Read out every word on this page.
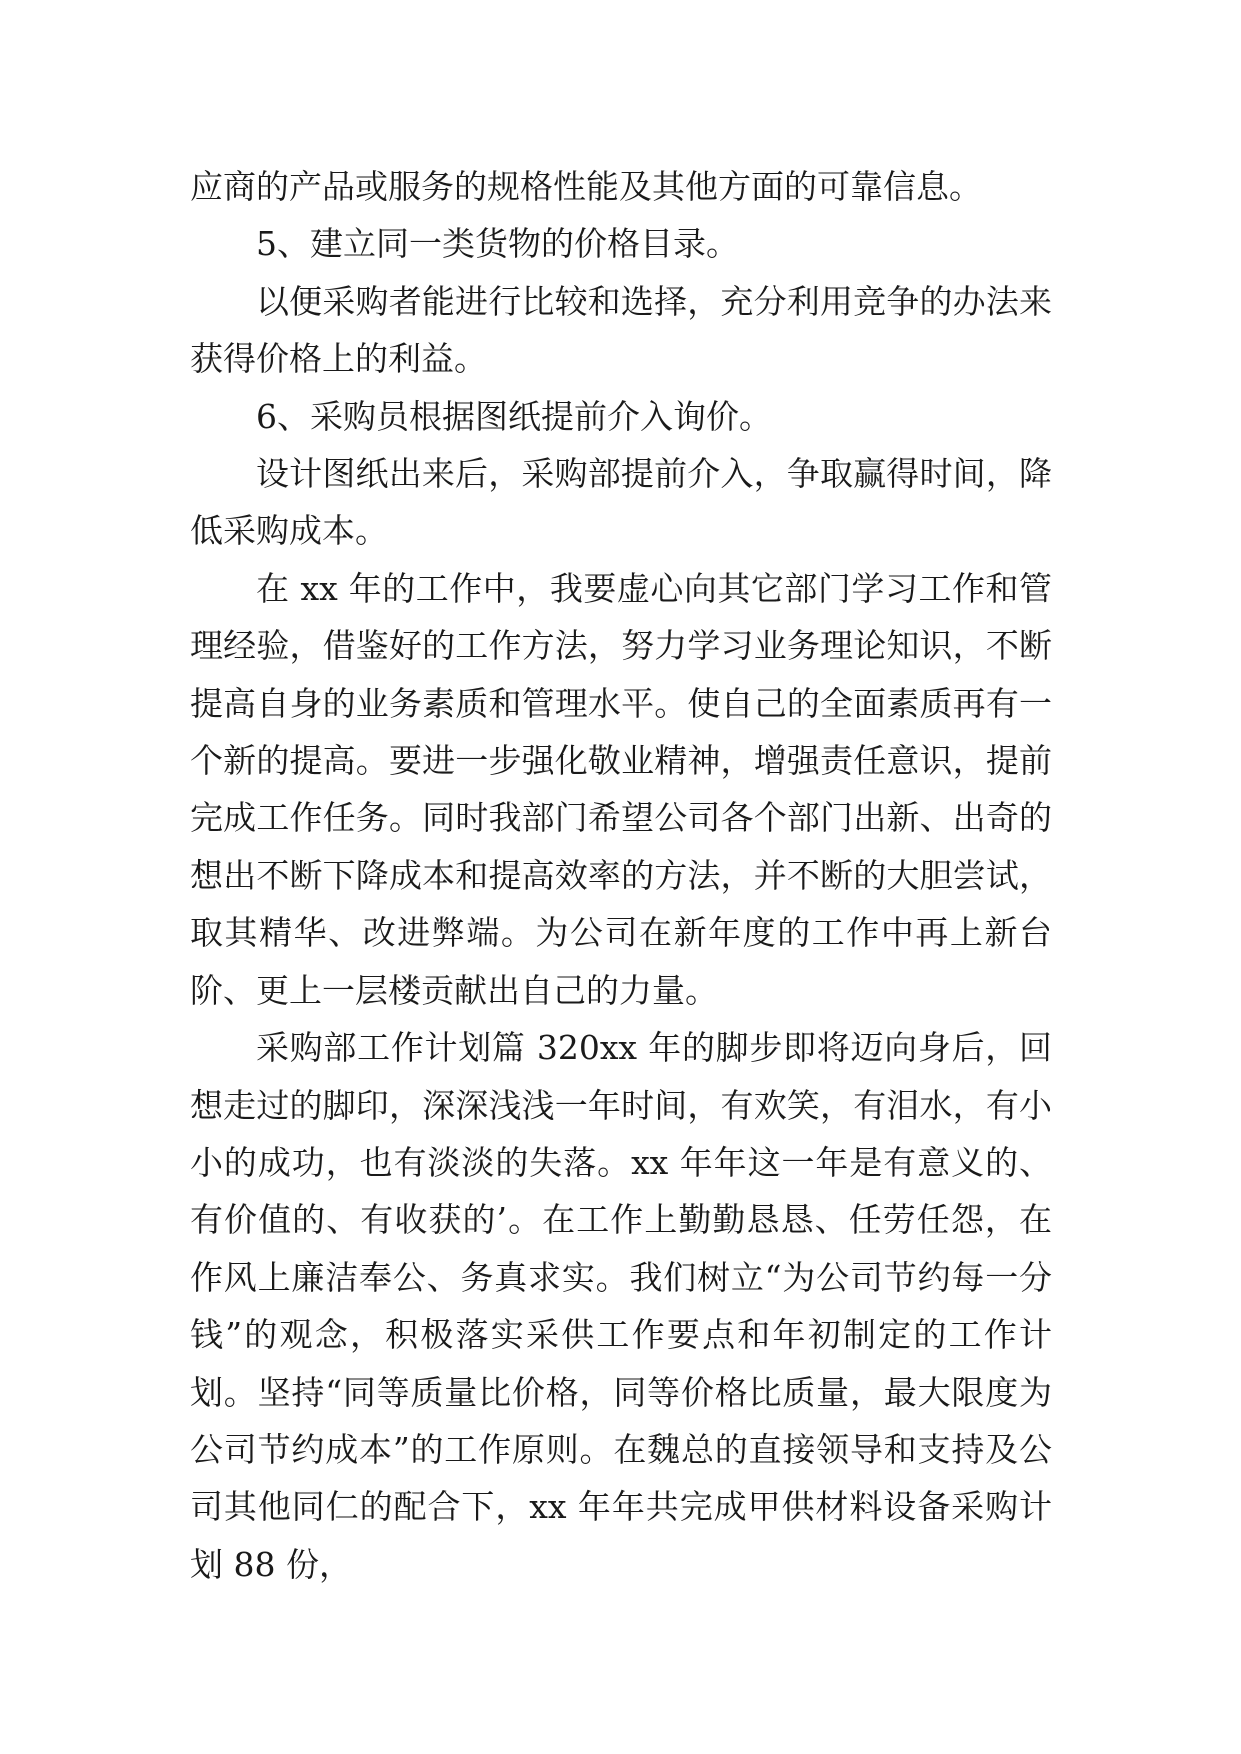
应商的产品或服务的规格性能及其他方面的可靠信息。

5、建立同一类货物的价格目录。

以便采购者能进行比较和选择，充分利用竞争的办法来获得价格上的利益。

6、采购员根据图纸提前介入询价。

设计图纸出来后，采购部提前介入，争取赢得时间，降低采购成本。

在 xx 年的工作中，我要虚心向其它部门学习工作和管理经验，借鉴好的工作方法，努力学习业务理论知识，不断提高自身的业务素质和管理水平。使自己的全面素质再有一个新的提高。要进一步强化敬业精神，增强责任意识，提前完成工作任务。同时我部门希望公司各个部门出新、出奇的想出不断下降成本和提高效率的方法，并不断的大胆尝试，取其精华、改进弊端。为公司在新年度的工作中再上新台阶、更上一层楼贡献出自己的力量。

采购部工作计划篇 320xx 年的脚步即将迈向身后，回想走过的脚印，深深浅浅一年时间，有欢笑，有泪水，有小小的成功，也有淡淡的失落。xx 年年这一年是有意义的、有价值的、有收获的’。在工作上勤勤恳恳、任劳任怨，在作风上廉洁奉公、务真求实。我们树立“为公司节约每一分钱”的观念，积极落实采供工作要点和年初制定的工作计划。坚持“同等质量比价格，同等价格比质量，最大限度为公司节约成本”的工作原则。在魏总的直接领导和支持及公司其他同仁的配合下，xx 年年共完成甲供材料设备采购计划 88 份，
